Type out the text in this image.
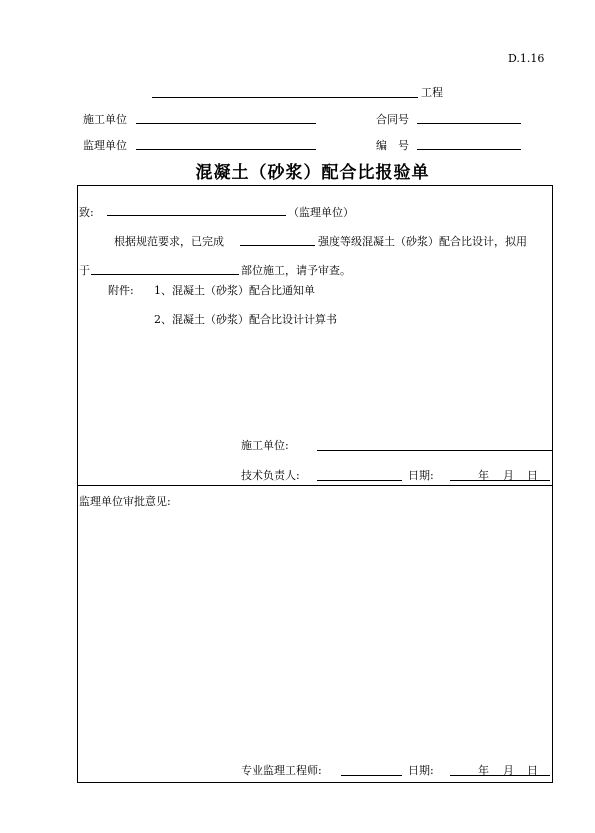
D.1.16
工程
施工单位	合同号
监理单位	编　号
混凝土（砂浆）配合比报验单
致:	（监理单位）
根据规范要求，已完成	强度等级混凝土（砂浆）配合比设计，拟用
于	部位施工，请予审查。
附件: 1、混凝土（砂浆）配合比通知单
2、混凝土（砂浆）配合比设计计算书
施工单位:
技术负责人:	日期:	年 月 日
监理单位审批意见:
专业监理工程师:	日期:	年 月 日
